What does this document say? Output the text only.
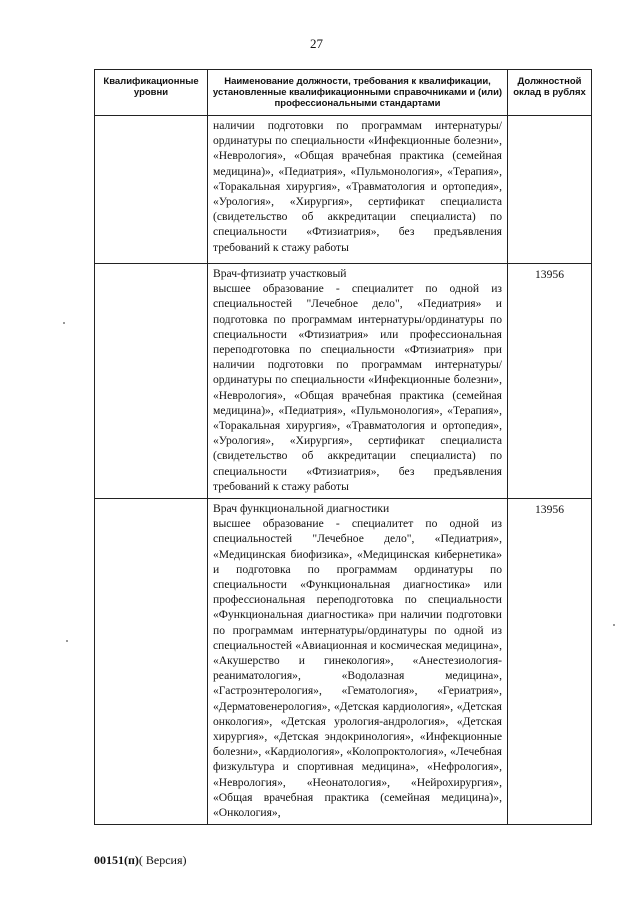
27
Квалификационные уровни	Наименование должности, требования к квалификации, установленные квалификационными справочниками и (или) профессиональными стандартами	Должностной оклад в рублях

	наличии подготовки по программам интернатуры/ординатуры по специальности «Инфекционные болезни», «Неврология», «Общая врачебная практика (семейная медицина)», «Педиатрия», «Пульмонология», «Терапия», «Торакальная хирургия», «Травматология и ортопедия», «Урология», «Хирургия», сертификат специалиста (свидетельство об аккредитации специалиста) по специальности «Фтизиатрия», без предъявления требований к стажу работы	

	Врач-фтизиатр участковый
высшее образование - специалитет по одной из специальностей "Лечебное дело", «Педиатрия» и подготовка по программам интернатуры/ординатуры по специальности «Фтизиатрия» или профессиональная переподготовка по специальности «Фтизиатрия» при наличии подготовки по программам интернатуры/ординатуры по специальности «Инфекционные болезни», «Неврология», «Общая врачебная практика (семейная медицина)», «Педиатрия», «Пульмонология», «Терапия», «Торакальная хирургия», «Травматология и ортопедия», «Урология», «Хирургия», сертификат специалиста (свидетельство об аккредитации специалиста) по специальности «Фтизиатрия», без предъявления требований к стажу работы	13956

	Врач функциональной диагностики
высшее образование - специалитет по одной из специальностей "Лечебное дело", «Педиатрия», «Медицинская биофизика», «Медицинская кибернетика» и подготовка по программам ординатуры по специальности «Функциональная диагностика» или профессиональная переподготовка по специальности «Функциональная диагностика» при наличии подготовки по программам интернатуры/ординатуры по одной из специальностей «Авиационная и космическая медицина», «Акушерство и гинекология», «Анестезиология-реаниматология», «Водолазная медицина», «Гастроэнтерология», «Гематология», «Гериатрия», «Дерматовенерология», «Детская кардиология», «Детская онкология», «Детская урология-андрология», «Детская хирургия», «Детская эндокринология», «Инфекционные болезни», «Кардиология», «Колопроктология», «Лечебная физкультура и спортивная медицина», «Нефрология», «Неврология», «Неонатология», «Нейрохирургия», «Общая врачебная практика (семейная медицина)», «Онкология»,	13956
00151(п)( Версия)
